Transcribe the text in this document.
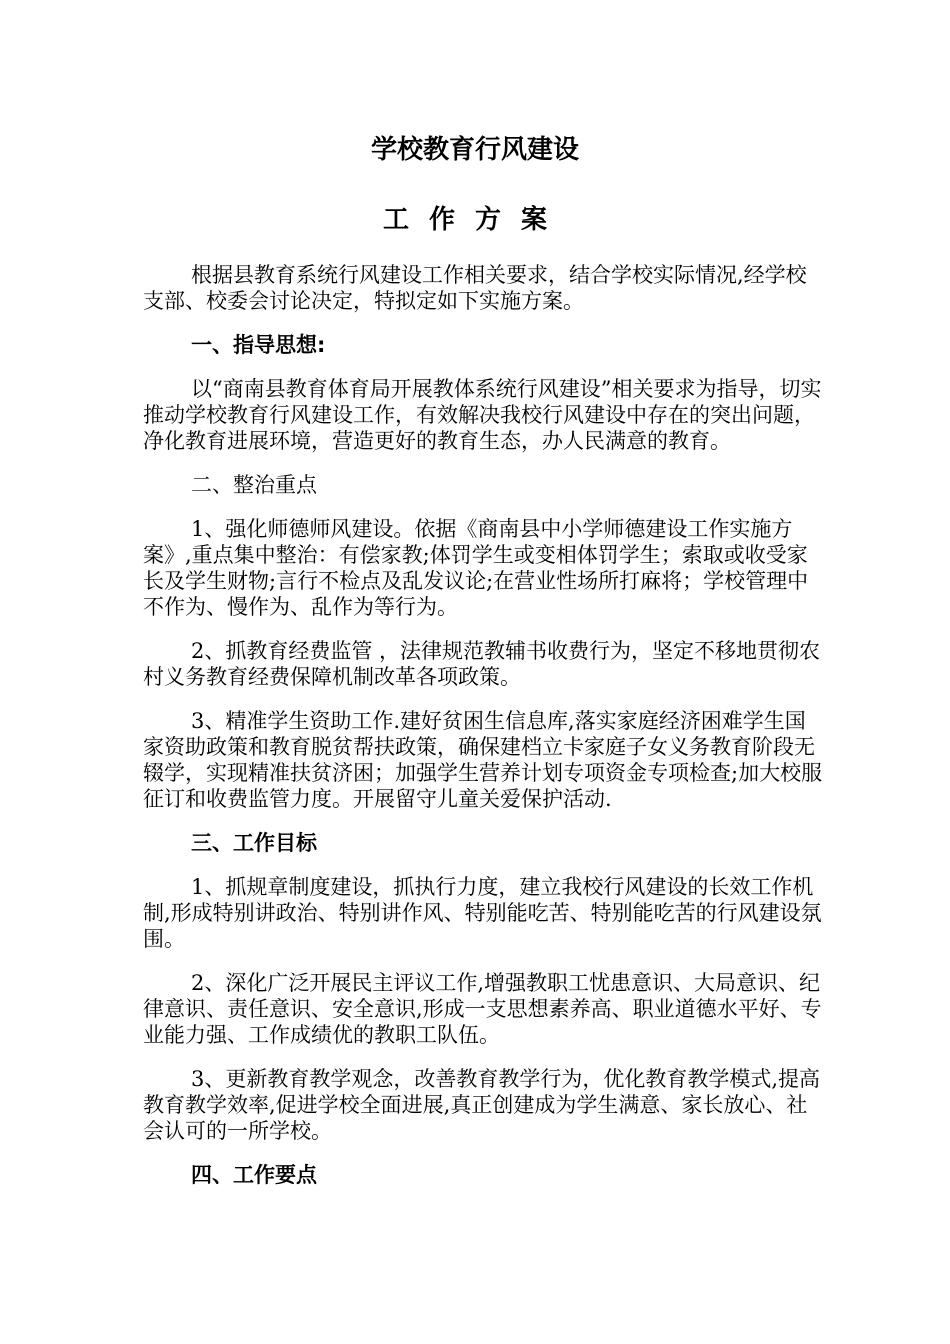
学校教育行风建设
工作方案

根据县教育系统行风建设工作相关要求，结合学校实际情况,经学校支部、校委会讨论决定，特拟定如下实施方案。

一、指导思想:

以“商南县教育体育局开展教体系统行风建设”相关要求为指导，切实推动学校教育行风建设工作，有效解决我校行风建设中存在的突出问题，净化教育进展环境，营造更好的教育生态，办人民满意的教育。

二、整治重点

1、强化师德师风建设。依据《商南县中小学师德建设工作实施方案》,重点集中整治：有偿家教;体罚学生或变相体罚学生；索取或收受家长及学生财物;言行不检点及乱发议论;在营业性场所打麻将；学校管理中不作为、慢作为、乱作为等行为。

2、抓教育经费监管 ，法律规范教辅书收费行为，坚定不移地贯彻农村义务教育经费保障机制改革各项政策。

3、精准学生资助工作.建好贫困生信息库,落实家庭经济困难学生国家资助政策和教育脱贫帮扶政策，确保建档立卡家庭子女义务教育阶段无辍学，实现精准扶贫济困；加强学生营养计划专项资金专项检查;加大校服征订和收费监管力度。开展留守儿童关爱保护活动.

三、工作目标

1、抓规章制度建设，抓执行力度，建立我校行风建设的长效工作机制,形成特别讲政治、特别讲作风、特别能吃苦、特别能吃苦的行风建设氛围。

2、深化广泛开展民主评议工作,增强教职工忧患意识、大局意识、纪律意识、责任意识、安全意识,形成一支思想素养高、职业道德水平好、专业能力强、工作成绩优的教职工队伍。

3、更新教育教学观念，改善教育教学行为，优化教育教学模式,提高教育教学效率,促进学校全面进展,真正创建成为学生满意、家长放心、社会认可的一所学校。

四、工作要点
